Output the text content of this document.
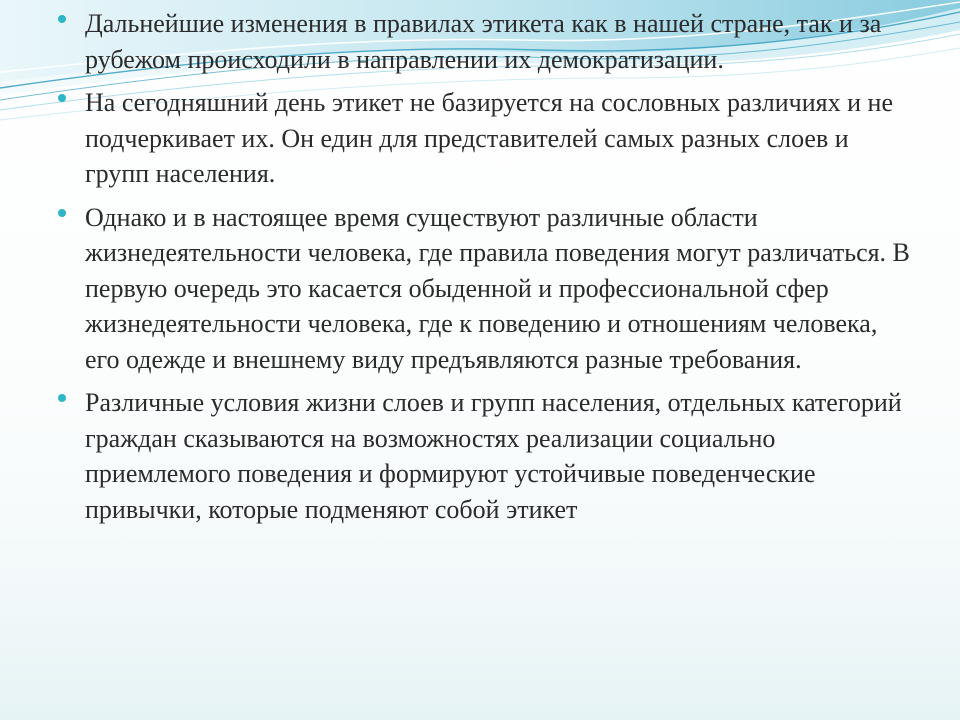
Дальнейшие изменения в правилах этикета как в нашей стране, так и за рубежом происходили в направлении их демократизации.
На сегодняшний день этикет не базируется на сословных различиях и не подчеркивает их. Он един для представителей самых разных слоев и групп населения.
Однако и в настоящее время существуют различные области жизнедеятельности человека, где правила поведения могут различаться. В первую очередь это касается обыденной и профессиональной сфер жизнедеятельности человека, где к поведению и отношениям человека, его одежде и внешнему виду предъявляются разные требования.
Различные условия жизни слоев и групп населения, отдельных категорий граждан сказываются на возможностях реализации социально приемлемого поведения и формируют устойчивые поведенческие привычки, которые подменяют собой этикет
